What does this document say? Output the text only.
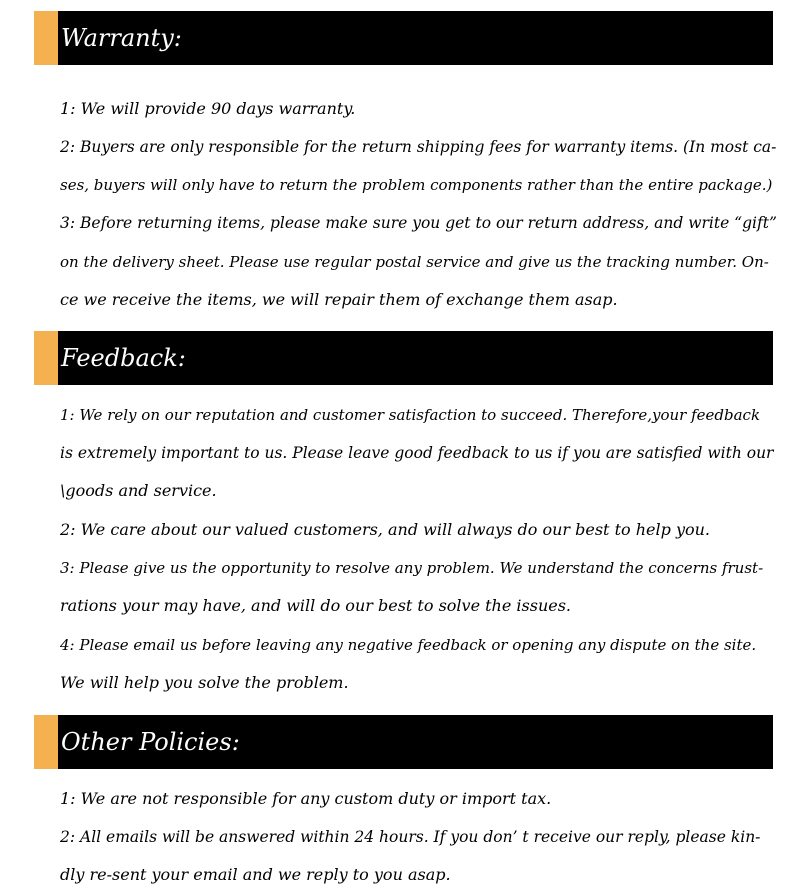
Warranty:
1: We will provide 90 days warranty.
2: Buyers are only responsible for the return shipping fees for warranty items. (In most ca-
ses, buyers will only have to return the problem components rather than the entire package.)
3: Before returning items, please make sure you get to our return address, and write “gift”
on the delivery sheet. Please use regular postal service and give us the tracking number. On-
ce we receive the items, we will repair them of exchange them asap.
Feedback:
1: We rely on our reputation and customer satisfaction to succeed. Therefore,your feedback
is extremely important to us. Please leave good feedback to us if you are satisfied with our
\goods and service.
2: We care about our valued customers, and will always do our best to help you.
3: Please give us the opportunity to resolve any problem. We understand the concerns frust-
rations your may have, and will do our best to solve the issues.
4: Please email us before leaving any negative feedback or opening any dispute on the site.
We will help you solve the problem.
Other Policies:
1: We are not responsible for any custom duty or import tax.
2: All emails will be answered within 24 hours. If you don’ t receive our reply, please kin-
dly re-sent your email and we reply to you asap.
